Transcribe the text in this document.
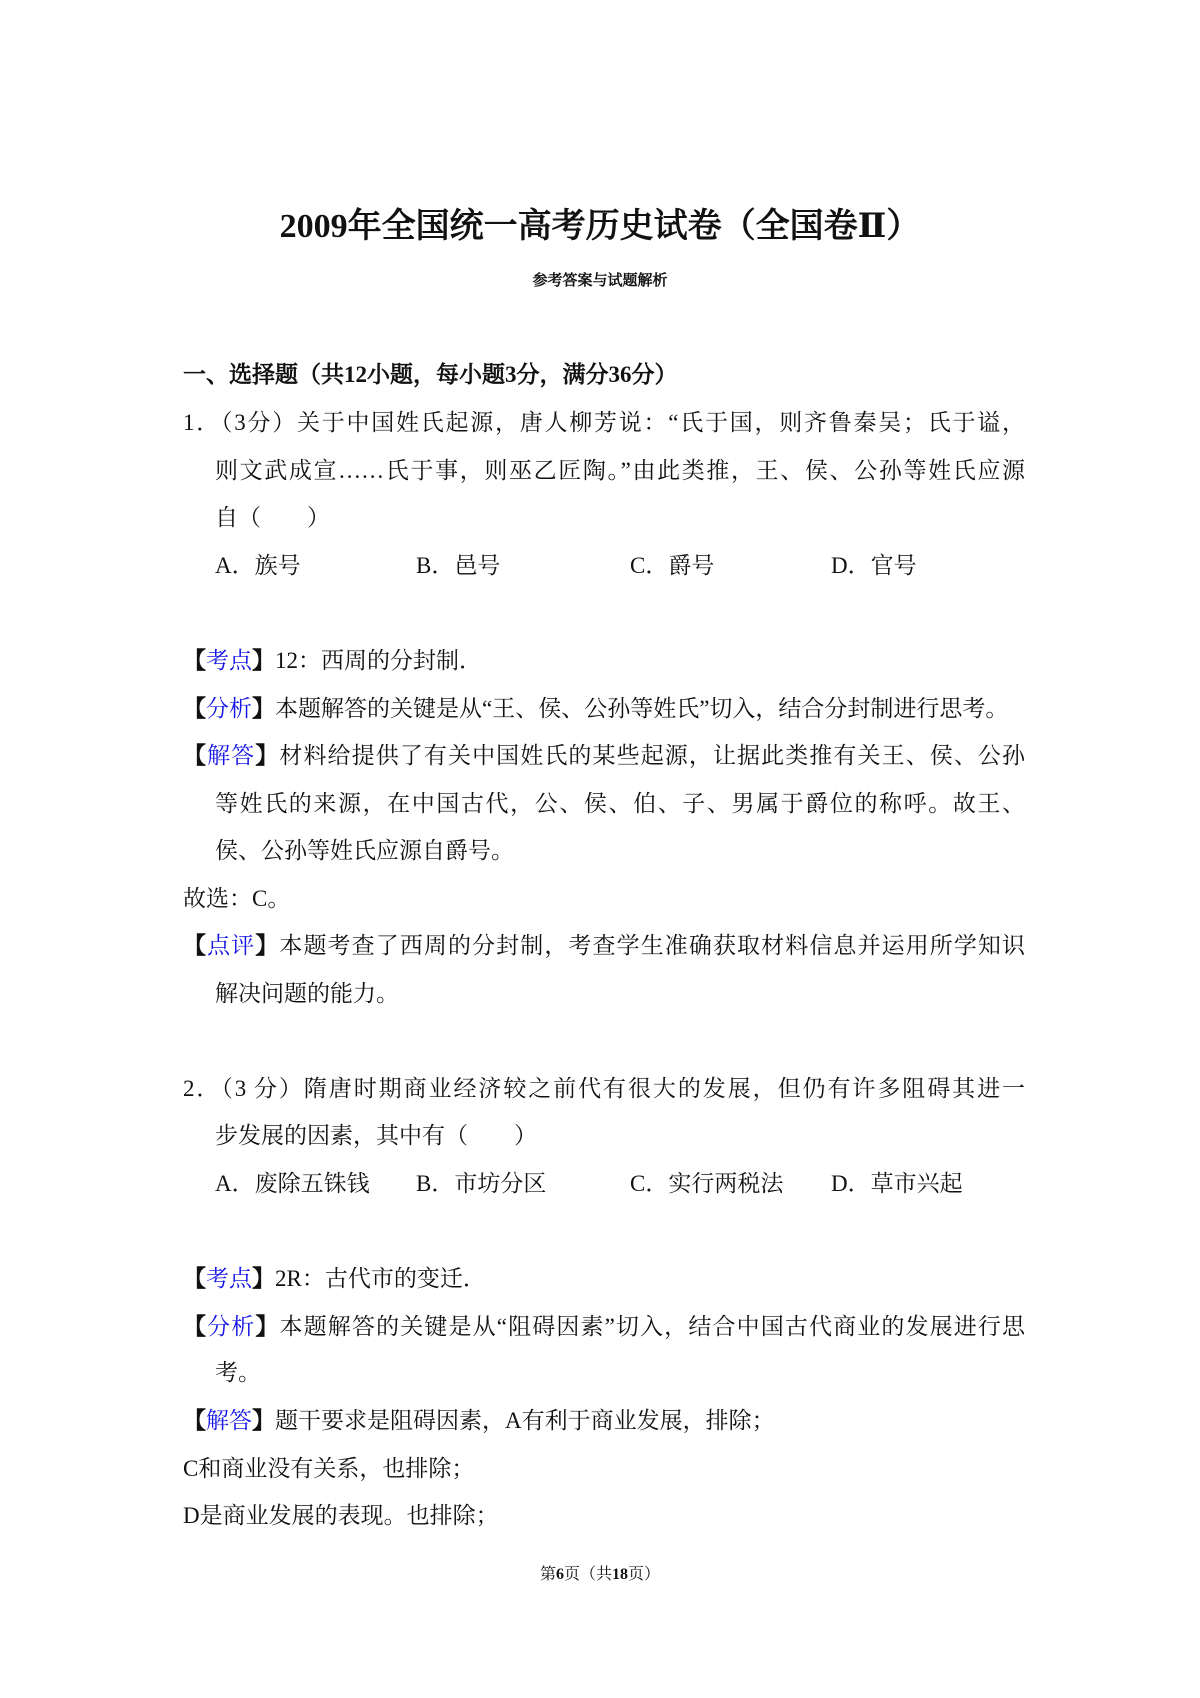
2009年全国统一高考历史试卷（全国卷Ⅱ）
参考答案与试题解析
一、选择题（共12小题，每小题3分，满分36分）
1．（3分）关于中国姓氏起源，唐人柳芳说：“氏于国，则齐鲁秦吴；氏于谥，
则文武成宣……氏于事，则巫乙匠陶。”由此类推，王、侯、公孙等姓氏应源
自（　　）
A．族号	B．邑号	C．爵号	D．官号
【考点】12：西周的分封制．
【分析】本题解答的关键是从“王、侯、公孙等姓氏”切入，结合分封制进行思考。
【解答】材料给提供了有关中国姓氏的某些起源，让据此类推有关王、侯、公孙
等姓氏的来源，在中国古代，公、侯、伯、子、男属于爵位的称呼。故王、
侯、公孙等姓氏应源自爵号。
故选：C。
【点评】本题考查了西周的分封制，考查学生准确获取材料信息并运用所学知识
解决问题的能力。
2．（3 分）隋唐时期商业经济较之前代有很大的发展，但仍有许多阻碍其进一
步发展的因素，其中有（　　）
A．废除五铢钱 B．市坊分区	C．实行两税法 D．草市兴起
【考点】2R：古代市的变迁．
【分析】本题解答的关键是从“阻碍因素”切入，结合中国古代商业的发展进行思
考。
【解答】题干要求是阻碍因素，A有利于商业发展，排除；
C和商业没有关系，也排除；
D是商业发展的表现。也排除；
第6页（共18页）
